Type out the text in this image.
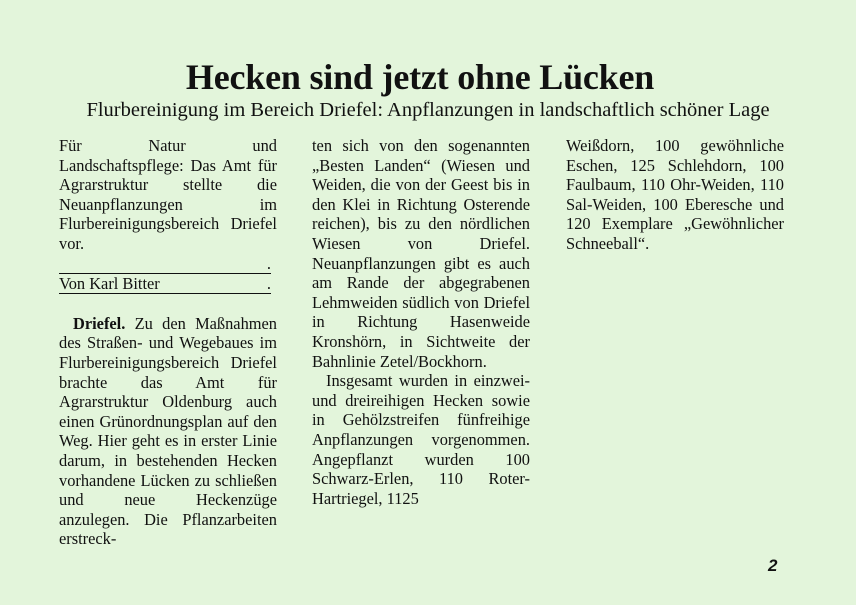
Hecken sind jetzt ohne Lücken
Flurbereinigung im Bereich Driefel: Anpflanzungen in landschaftlich schöner Lage

Für Natur und Landschaftspflege: Das Amt für Agrarstruktur stellte die Neuanpflanzungen im Flurbereinigungsbereich Driefel vor.

.
Von Karl Bitter	.

Driefel. Zu den Maßnahmen des Straßen- und Wegebaues im Flurbereinigungsbereich Driefel brachte das Amt für Agrarstruktur Oldenburg auch einen Grünordnungsplan auf den Weg. Hier geht es in erster Linie darum, in bestehenden Hecken vorhandene Lücken zu schließen und neue Heckenzüge anzulegen. Die Pflanzarbeiten erstreck-

ten sich von den sogenannten „Besten Landen“ (Wiesen und Weiden, die von der Geest bis in den Klei in Richtung Osterende reichen), bis zu den nördlichen Wiesen von Driefel. Neuanpflanzungen gibt es auch am Rande der abgegrabenen Lehmweiden südlich von Driefel in Richtung Hasenweide Kronshörn, in Sichtweite der Bahnlinie Zetel/Bockhorn.

Insgesamt wurden in einzwei- und dreireihigen Hecken sowie in Gehölzstreifen fünfreihige Anpflanzungen vorgenommen. Angepflanzt wurden 100 Schwarz-Erlen, 110 Roter-Hartriegel, 1125

Weißdorn, 100 gewöhnliche Eschen, 125 Schlehdorn, 100 Faulbaum, 110 Ohr-Weiden, 110 Sal-Weiden, 100 Eberesche und 120 Exemplare „Gewöhnlicher Schneeball“.

2
